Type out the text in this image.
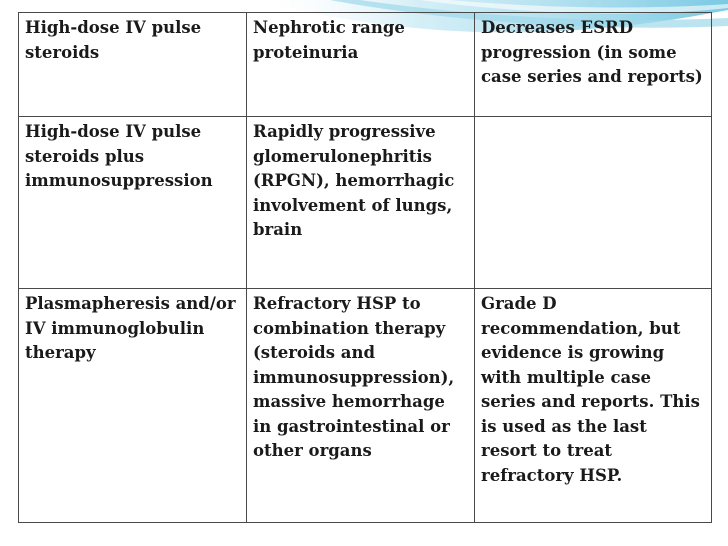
High-dose IV pulse steroids	Nephrotic range proteinuria	Decreases ESRD progression (in some case series and reports)
High-dose IV pulse steroids plus immunosuppression	Rapidly progressive glomerulonephritis (RPGN), hemorrhagic involvement of lungs, brain	
Plasmapheresis and/or IV immunoglobulin therapy	Refractory HSP to combination therapy (steroids and immunosuppression), massive hemorrhage in gastrointestinal or other organs	Grade D recommendation, but evidence is growing with multiple case series and reports. This is used as the last resort to treat refractory HSP.
